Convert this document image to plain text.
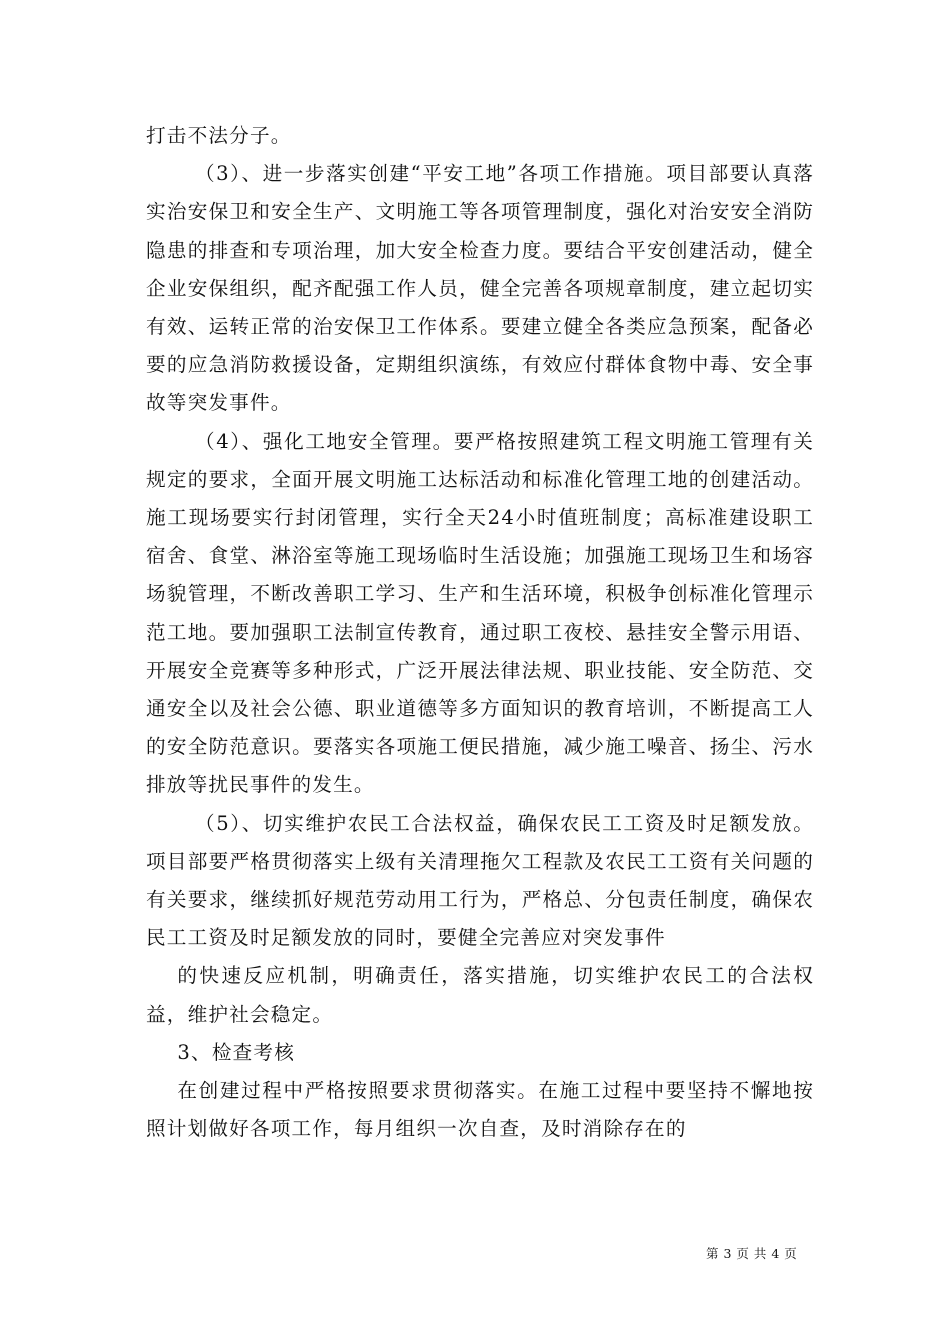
打击不法分子。

（3）、进一步落实创建“平安工地”各项工作措施。项目部要认真落实治安保卫和安全生产、文明施工等各项管理制度，强化对治安安全消防隐患的排查和专项治理，加大安全检查力度。要结合平安创建活动，健全企业安保组织，配齐配强工作人员，健全完善各项规章制度，建立起切实有效、运转正常的治安保卫工作体系。要建立健全各类应急预案，配备必要的应急消防救援设备，定期组织演练，有效应付群体食物中毒、安全事故等突发事件。

（4）、强化工地安全管理。要严格按照建筑工程文明施工管理有关规定的要求，全面开展文明施工达标活动和标准化管理工地的创建活动。施工现场要实行封闭管理，实行全天24小时值班制度；高标准建设职工宿舍、食堂、淋浴室等施工现场临时生活设施；加强施工现场卫生和场容场貌管理，不断改善职工学习、生产和生活环境，积极争创标准化管理示范工地。要加强职工法制宣传教育，通过职工夜校、悬挂安全警示用语、开展安全竞赛等多种形式，广泛开展法律法规、职业技能、安全防范、交通安全以及社会公德、职业道德等多方面知识的教育培训，不断提高工人的安全防范意识。要落实各项施工便民措施，减少施工噪音、扬尘、污水排放等扰民事件的发生。

（5）、切实维护农民工合法权益，确保农民工工资及时足额发放。项目部要严格贯彻落实上级有关清理拖欠工程款及农民工工资有关问题的有关要求，继续抓好规范劳动用工行为，严格总、分包责任制度，确保农民工工资及时足额发放的同时，要健全完善应对突发事件

的快速反应机制，明确责任，落实措施，切实维护农民工的合法权益，维护社会稳定。

3、检查考核

在创建过程中严格按照要求贯彻落实。在施工过程中要坚持不懈地按照计划做好各项工作，每月组织一次自查，及时消除存在的

第 3 页 共 4 页
